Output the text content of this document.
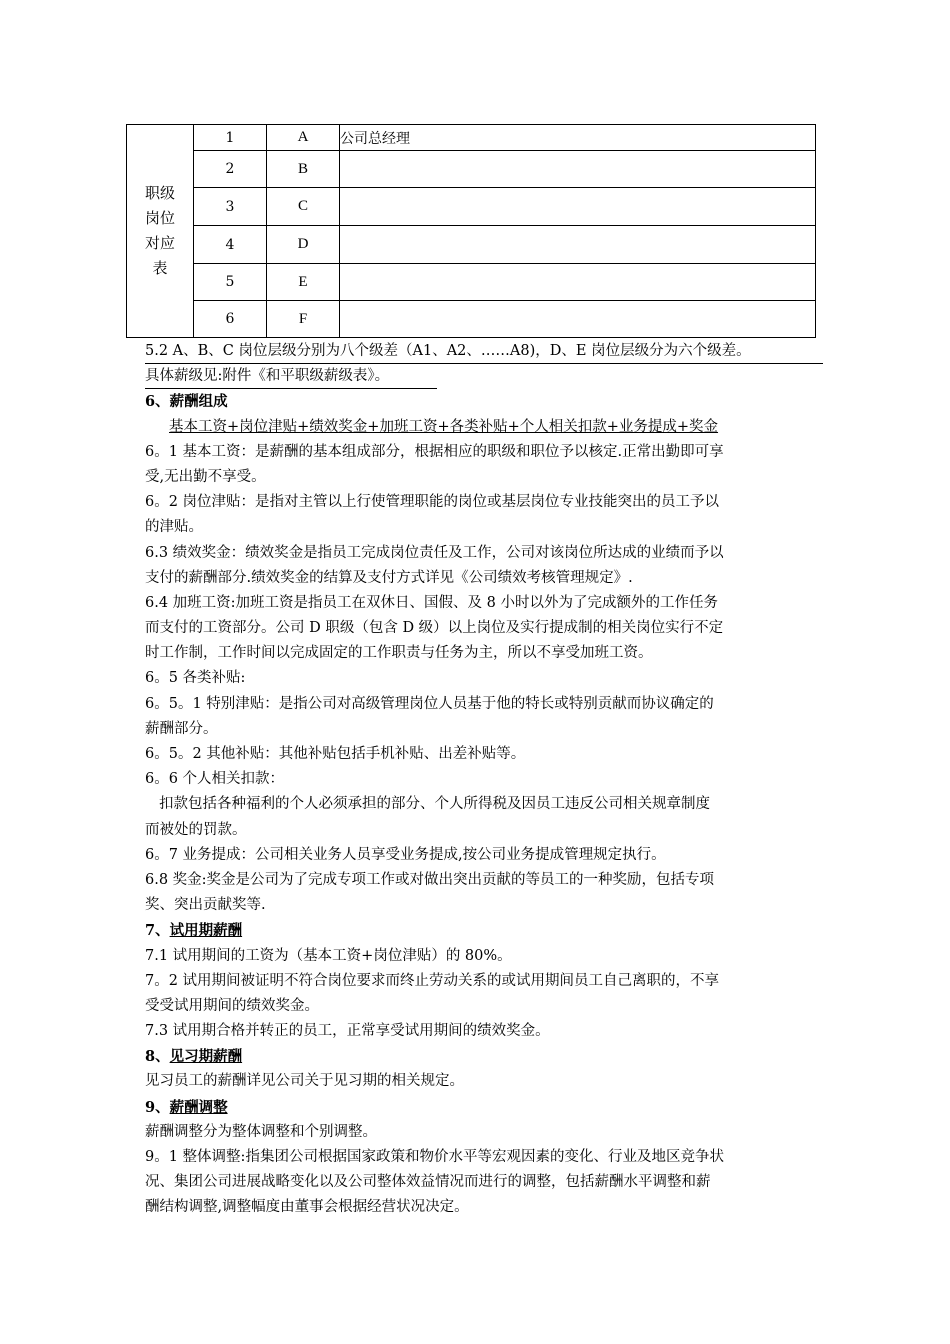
职级
岗位
对应
表	1	A	公司总经理
	2	B	
	3	C	
	4	D	
	5	E	
	6	F	
5.2 A、B、C 岗位层级分别为八个级差（A1、A2、……A8)，D、E 岗位层级分为六个级差。
具体薪级见:附件《和平职级薪级表》。
6、薪酬组成
基本工资+岗位津贴+绩效奖金+加班工资+各类补贴+个人相关扣款+业务提成+奖金
6。1 基本工资：是薪酬的基本组成部分，根据相应的职级和职位予以核定.正常出勤即可享
受,无出勤不享受。
6。2 岗位津贴：是指对主管以上行使管理职能的岗位或基层岗位专业技能突出的员工予以
的津贴。
6.3 绩效奖金：绩效奖金是指员工完成岗位责任及工作，公司对该岗位所达成的业绩而予以
支付的薪酬部分.绩效奖金的结算及支付方式详见《公司绩效考核管理规定》.
6.4 加班工资:加班工资是指员工在双休日、国假、及 8 小时以外为了完成额外的工作任务
而支付的工资部分。公司 D 职级（包含 D 级）以上岗位及实行提成制的相关岗位实行不定
时工作制，工作时间以完成固定的工作职责与任务为主，所以不享受加班工资。
6。5 各类补贴:
6。5。1 特别津贴：是指公司对高级管理岗位人员基于他的特长或特别贡献而协议确定的
薪酬部分。
6。5。2 其他补贴：其他补贴包括手机补贴、出差补贴等。
6。6 个人相关扣款：
扣款包括各种福利的个人必须承担的部分、个人所得税及因员工违反公司相关规章制度
而被处的罚款。
6。7 业务提成：公司相关业务人员享受业务提成,按公司业务提成管理规定执行。
6.8 奖金:奖金是公司为了完成专项工作或对做出突出贡献的等员工的一种奖励，包括专项
奖、突出贡献奖等.
7、试用期薪酬
7.1 试用期间的工资为（基本工资+岗位津贴）的 80%。
7。2 试用期间被证明不符合岗位要求而终止劳动关系的或试用期间员工自己离职的，不享
受受试用期间的绩效奖金。
7.3 试用期合格并转正的员工，正常享受试用期间的绩效奖金。
8、见习期薪酬
见习员工的薪酬详见公司关于见习期的相关规定。
9、薪酬调整
薪酬调整分为整体调整和个别调整。
9。1 整体调整:指集团公司根据国家政策和物价水平等宏观因素的变化、行业及地区竞争状
况、集团公司进展战略变化以及公司整体效益情况而进行的调整，包括薪酬水平调整和薪
酬结构调整,调整幅度由董事会根据经营状况决定。
